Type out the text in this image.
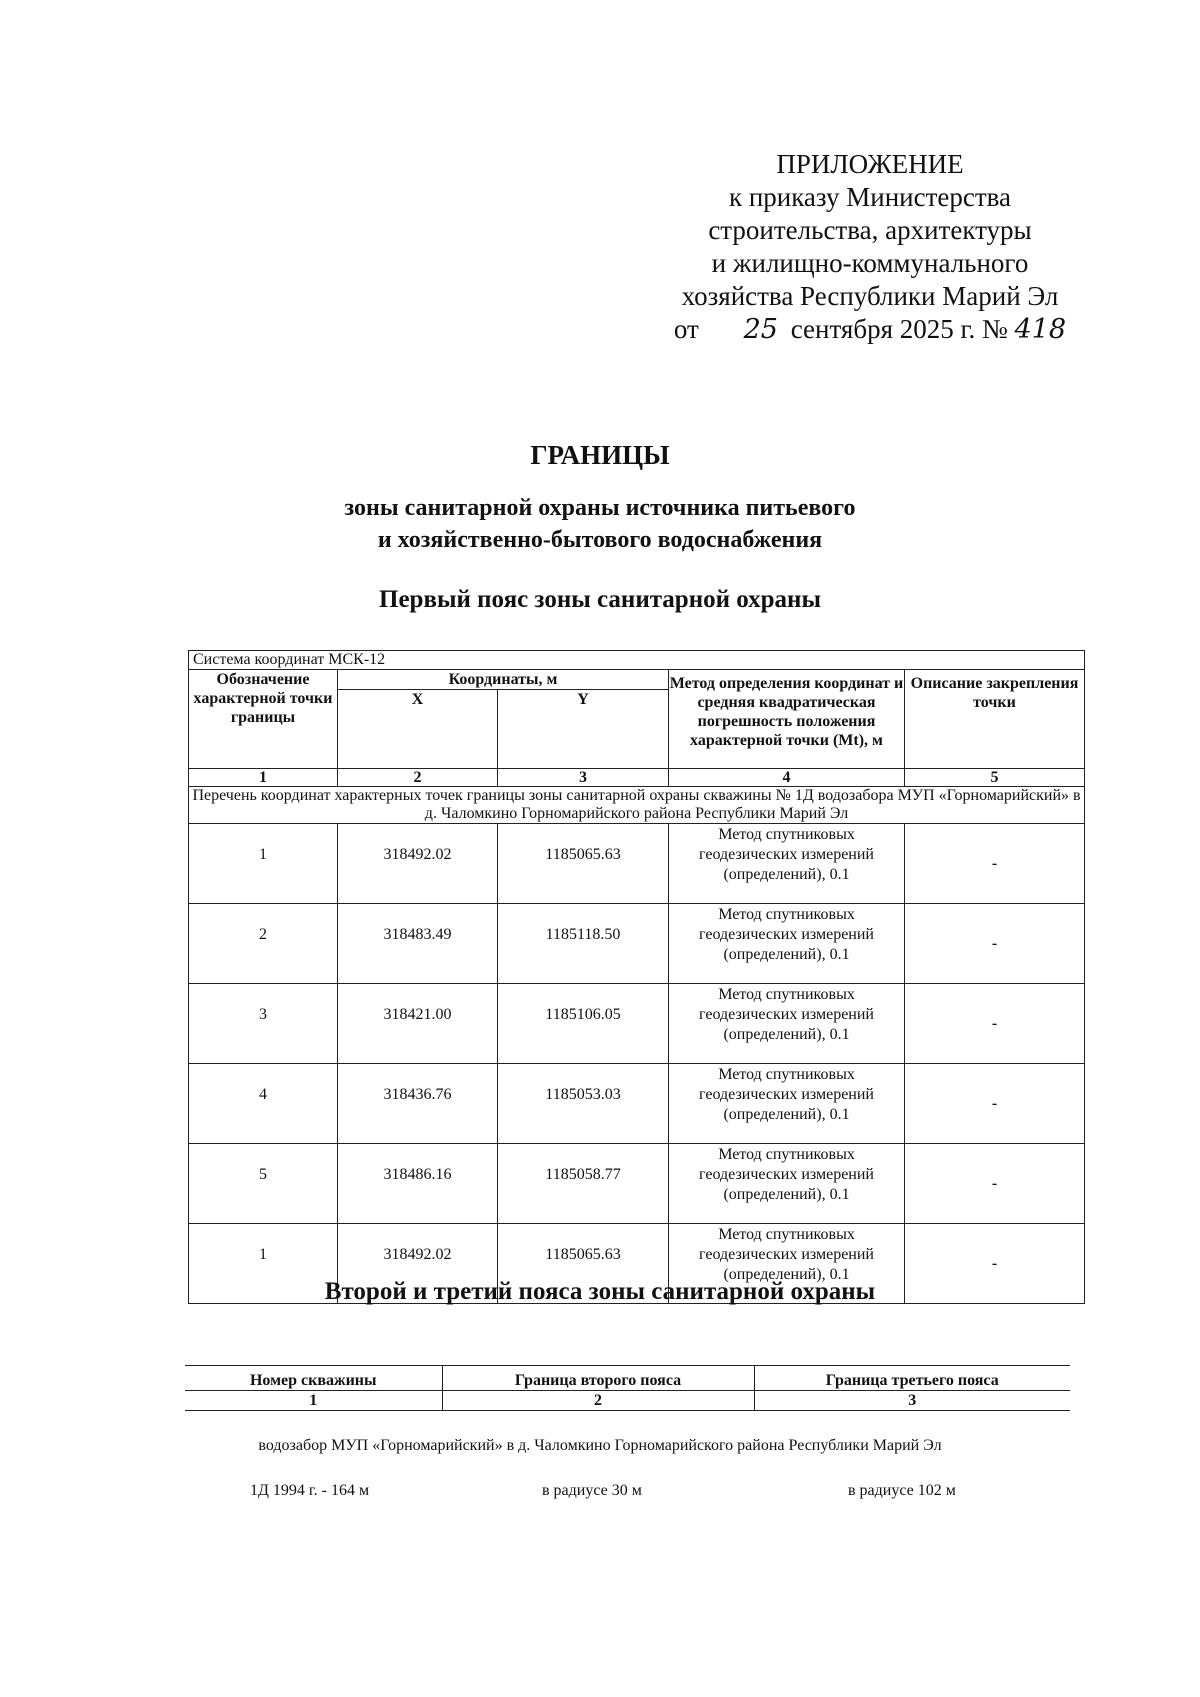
ПРИЛОЖЕНИЕ
к приказу Министерства
строительства, архитектуры
и жилищно-коммунального
хозяйства Республики Марий Эл
от 25 сентября 2025 г. № 418
ГРАНИЦЫ
зоны санитарной охраны источника питьевого
и хозяйственно-бытового водоснабжения
Первый пояс зоны санитарной охраны
Система координат МСК-12				
Обозначение характерной точки границы	Координаты, м		Метод определения координат и средняя квадратическая погрешность положения характерной точки (Mt), м	Описание закрепления точки
	X	Y		
1	2	3	4	5
Перечень координат характерных точек границы зоны санитарной охраны скважины № 1Д водозабора МУП «Горномарийский» в д. Чаломкино Горномарийского района Республики Марий Эл				
1	318492.02	1185065.63	Метод спутниковых геодезических измерений (определений), 0.1	-
2	318483.49	1185118.50	Метод спутниковых геодезических измерений (определений), 0.1	-
3	318421.00	1185106.05	Метод спутниковых геодезических измерений (определений), 0.1	-
4	318436.76	1185053.03	Метод спутниковых геодезических измерений (определений), 0.1	-
5	318486.16	1185058.77	Метод спутниковых геодезических измерений (определений), 0.1	-
1	318492.02	1185065.63	Метод спутниковых геодезических измерений (определений), 0.1	-
Второй и третий пояса зоны санитарной охраны
Номер скважины	Граница второго пояса	Граница третьего пояса
1	2	3
водозабор МУП «Горномарийский» в д. Чаломкино Горномарийского района Республики Марий Эл
1Д 1994 г. - 164 м	в радиусе 30 м	в радиусе 102 м
